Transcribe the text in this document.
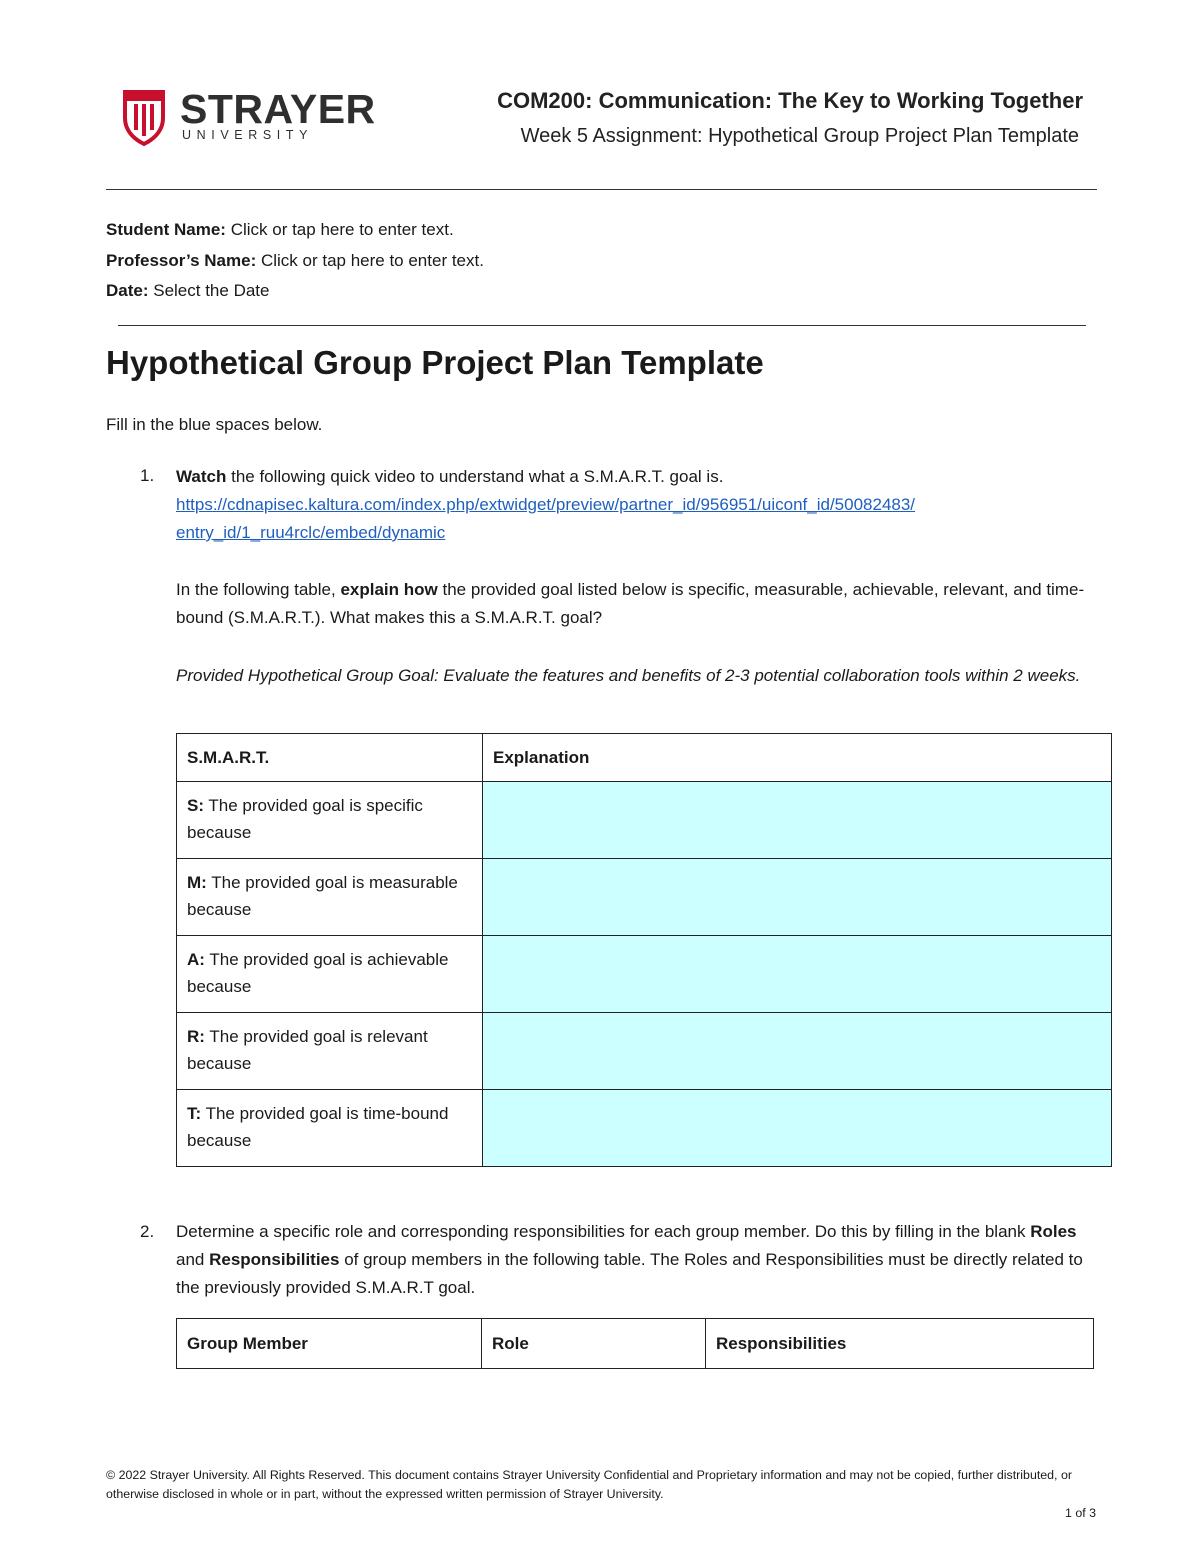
STRAYER
UNIVERSITY
COM200: Communication: The Key to Working Together
Week 5 Assignment: Hypothetical Group Project Plan Template
Student Name: Click or tap here to enter text.
Professor’s Name: Click or tap here to enter text.
Date: Select the Date
Hypothetical Group Project Plan Template
Fill in the blue spaces below.
1. Watch the following quick video to understand what a S.M.A.R.T. goal is.
https://cdnapisec.kaltura.com/index.php/extwidget/preview/partner_id/956951/uiconf_id/50082483/
entry_id/1_ruu4rclc/embed/dynamic
In the following table, explain how the provided goal listed below is specific, measurable, achievable, relevant, and time-bound (S.M.A.R.T.). What makes this a S.M.A.R.T. goal?
Provided Hypothetical Group Goal: Evaluate the features and benefits of 2-3 potential collaboration tools within 2 weeks.
S.M.A.R.T.	Explanation
S: The provided goal is specific because	
M: The provided goal is measurable because	
A: The provided goal is achievable because	
R: The provided goal is relevant because	
T: The provided goal is time-bound because	
2. Determine a specific role and corresponding responsibilities for each group member. Do this by filling in the blank Roles and Responsibilities of group members in the following table. The Roles and Responsibilities must be directly related to the previously provided S.M.A.R.T goal.
Group Member	Role	Responsibilities
© 2022 Strayer University. All Rights Reserved. This document contains Strayer University Confidential and Proprietary information and may not be copied, further distributed, or otherwise disclosed in whole or in part, without the expressed written permission of Strayer University.
1 of 3
